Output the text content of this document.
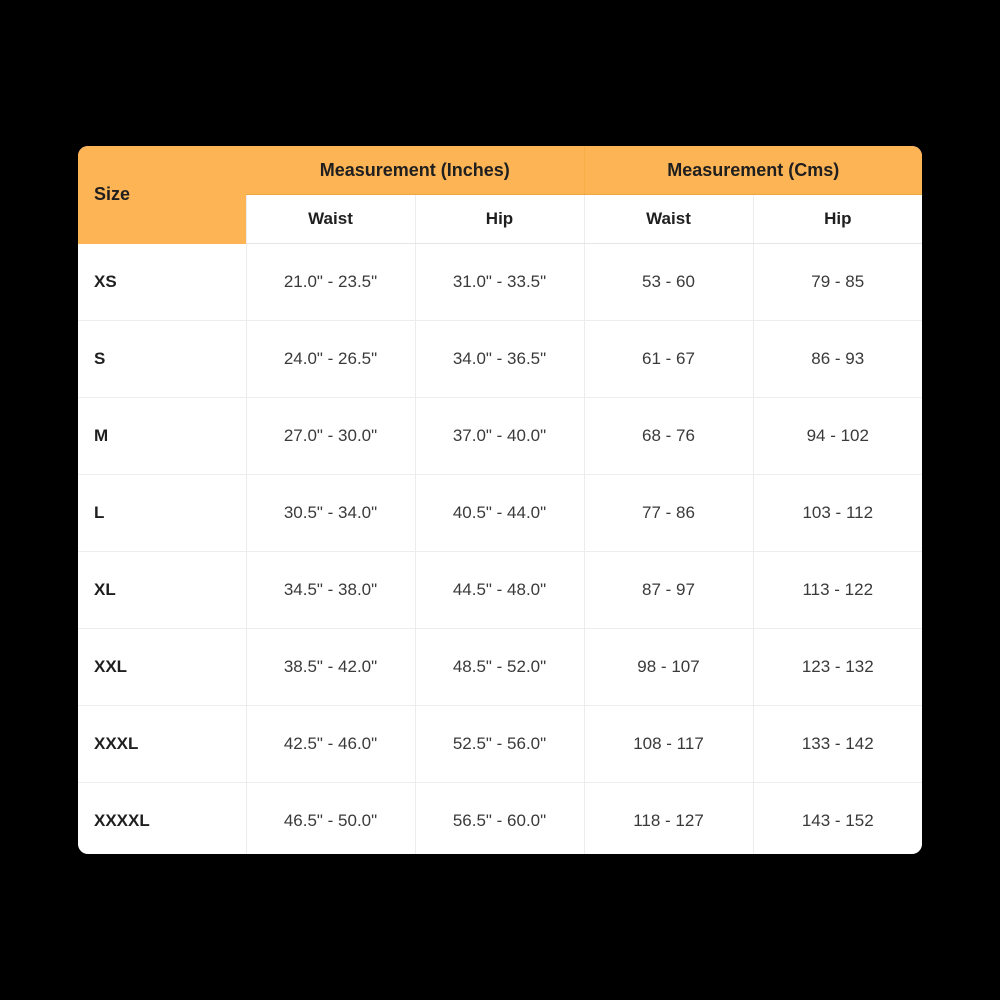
Size	Measurement (Inches)		Measurement (Cms)	
	Waist	Hip	Waist	Hip
XS	21.0" - 23.5"	31.0" - 33.5"	53 - 60	79 - 85
S	24.0" - 26.5"	34.0" - 36.5"	61 - 67	86 - 93
M	27.0" - 30.0"	37.0" - 40.0"	68 - 76	94 - 102
L	30.5" - 34.0"	40.5" - 44.0"	77 - 86	103 - 112
XL	34.5" - 38.0"	44.5" - 48.0"	87 - 97	113 - 122
XXL	38.5" - 42.0"	48.5" - 52.0"	98 - 107	123 - 132
XXXL	42.5" - 46.0"	52.5" - 56.0"	108 - 117	133 - 142
XXXXL	46.5" - 50.0"	56.5" - 60.0"	118 - 127	143 - 152
